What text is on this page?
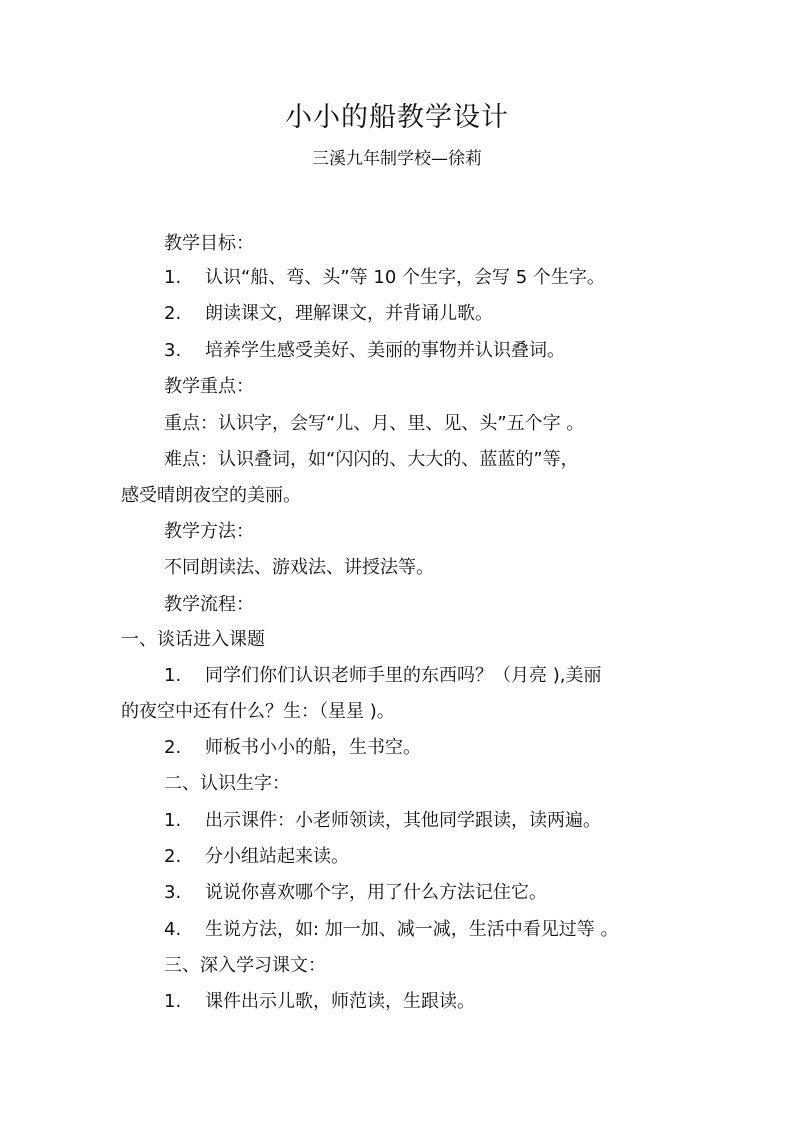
小小的船教学设计
三溪九年制学校—徐莉
教学目标：
1. 认识“船、弯、头”等 10 个生字，会写 5 个生字。
2. 朗读课文，理解课文，并背诵儿歌。
3. 培养学生感受美好、美丽的事物并认识叠词。
教学重点：
重点：认识字，会写“儿、月、里、见、头”五个字 。
难点：认识叠词，如“闪闪的、大大的、蓝蓝的”等，
感受晴朗夜空的美丽。
教学方法：
不同朗读法、游戏法、讲授法等。
教学流程：
一、谈话进入课题
1. 同学们你们认识老师手里的东西吗？（月亮 ),美丽
的夜空中还有什么？生：（星星 )。
2. 师板书小小的船，生书空。
二、认识生字：
1. 出示课件：小老师领读，其他同学跟读，读两遍。
2. 分小组站起来读。
3. 说说你喜欢哪个字，用了什么方法记住它。
4. 生说方法，如: 加一加、减一减，生活中看见过等 。
三、深入学习课文：
1. 课件出示儿歌，师范读，生跟读。
